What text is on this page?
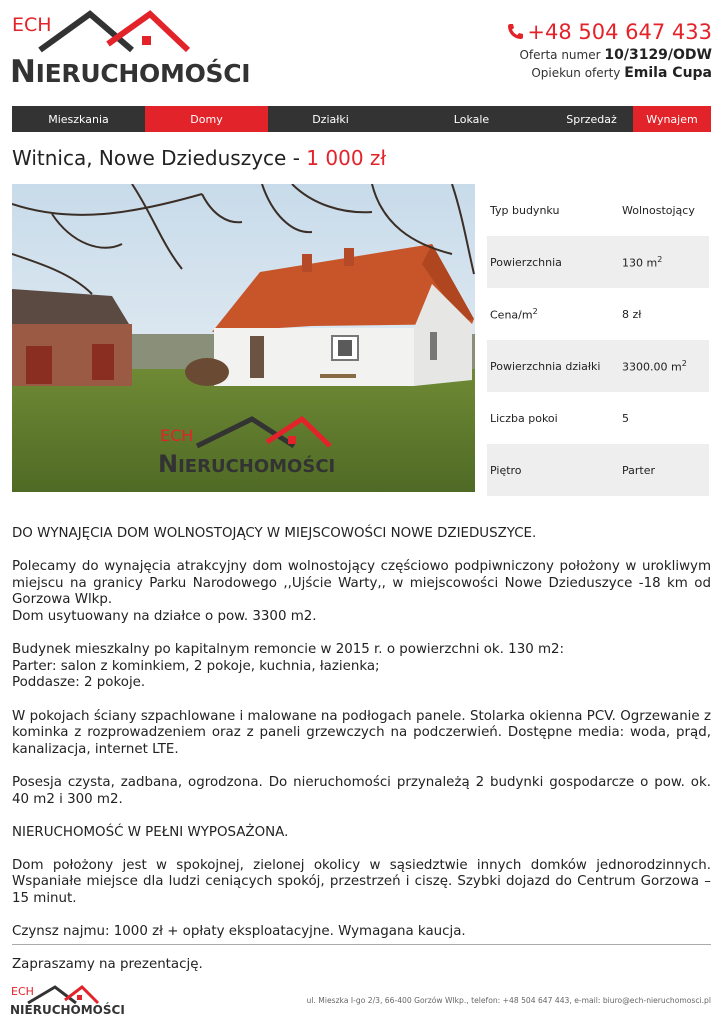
ECH
NIERUCHOMOŚCI
+48 504 647 433
Oferta numer 10/3129/ODW
Opiekun oferty Emila Cupa
Mieszkania	Domy	Działki	Lokale	Sprzedaż	Wynajem
Witnica, Nowe Dzieduszyce - 1 000 zł
ECH
NIERUCHOMOŚCI
Typ budynku	Wolnostojący
Powierzchnia	130 $m^2$
Cena/$m^2$	8 zł
Powierzchnia działki	3300.00 $m^2$
Liczba pokoi	5
Piętro	Parter

DO WYNAJĘCIA DOM WOLNOSTOJĄCY W MIEJSCOWOŚCI NOWE DZIEDUSZYCE.

Polecamy do wynajęcia atrakcyjny dom wolnostojący częściowo podpiwniczony położony w urokliwym miejscu na granicy Parku Narodowego ,,Ujście Warty,, w miejscowości Nowe Dzieduszyce -18 km od Gorzowa Wlkp.
Dom usytuowany na działce o pow. 3300 m2.

Budynek mieszkalny po kapitalnym remoncie w 2015 r. o powierzchni ok. 130 m2:
Parter: salon z kominkiem, 2 pokoje, kuchnia, łazienka;
Poddasze: 2 pokoje.

W pokojach ściany szpachlowane i malowane na podłogach panele. Stolarka okienna PCV. Ogrzewanie z kominka z rozprowadzeniem oraz z paneli grzewczych na podczerwień. Dostępne media: woda, prąd, kanalizacja, internet LTE.

Posesja czysta, zadbana, ogrodzona. Do nieruchomości przynależą 2 budynki gospodarcze o pow. ok. 40 m2 i 300 m2.

NIERUCHOMOŚĆ W PEŁNI WYPOSAŻONA.

Dom położony jest w spokojnej, zielonej okolicy w sąsiedztwie innych domków jednorodzinnych. Wspaniałe miejsce dla ludzi ceniących spokój, przestrzeń i ciszę. Szybki dojazd do Centrum Gorzowa – 15 minut.

Czynsz najmu: 1000 zł + opłaty eksploatacyjne. Wymagana kaucja.

Zapraszamy na prezentację.

ECH
NIERUCHOMOŚCI
ul. Mieszka I-go 2/3, 66-400 Gorzów Wlkp., telefon: +48 504 647 443, e-mail: biuro@ech-nieruchomosci.pl
